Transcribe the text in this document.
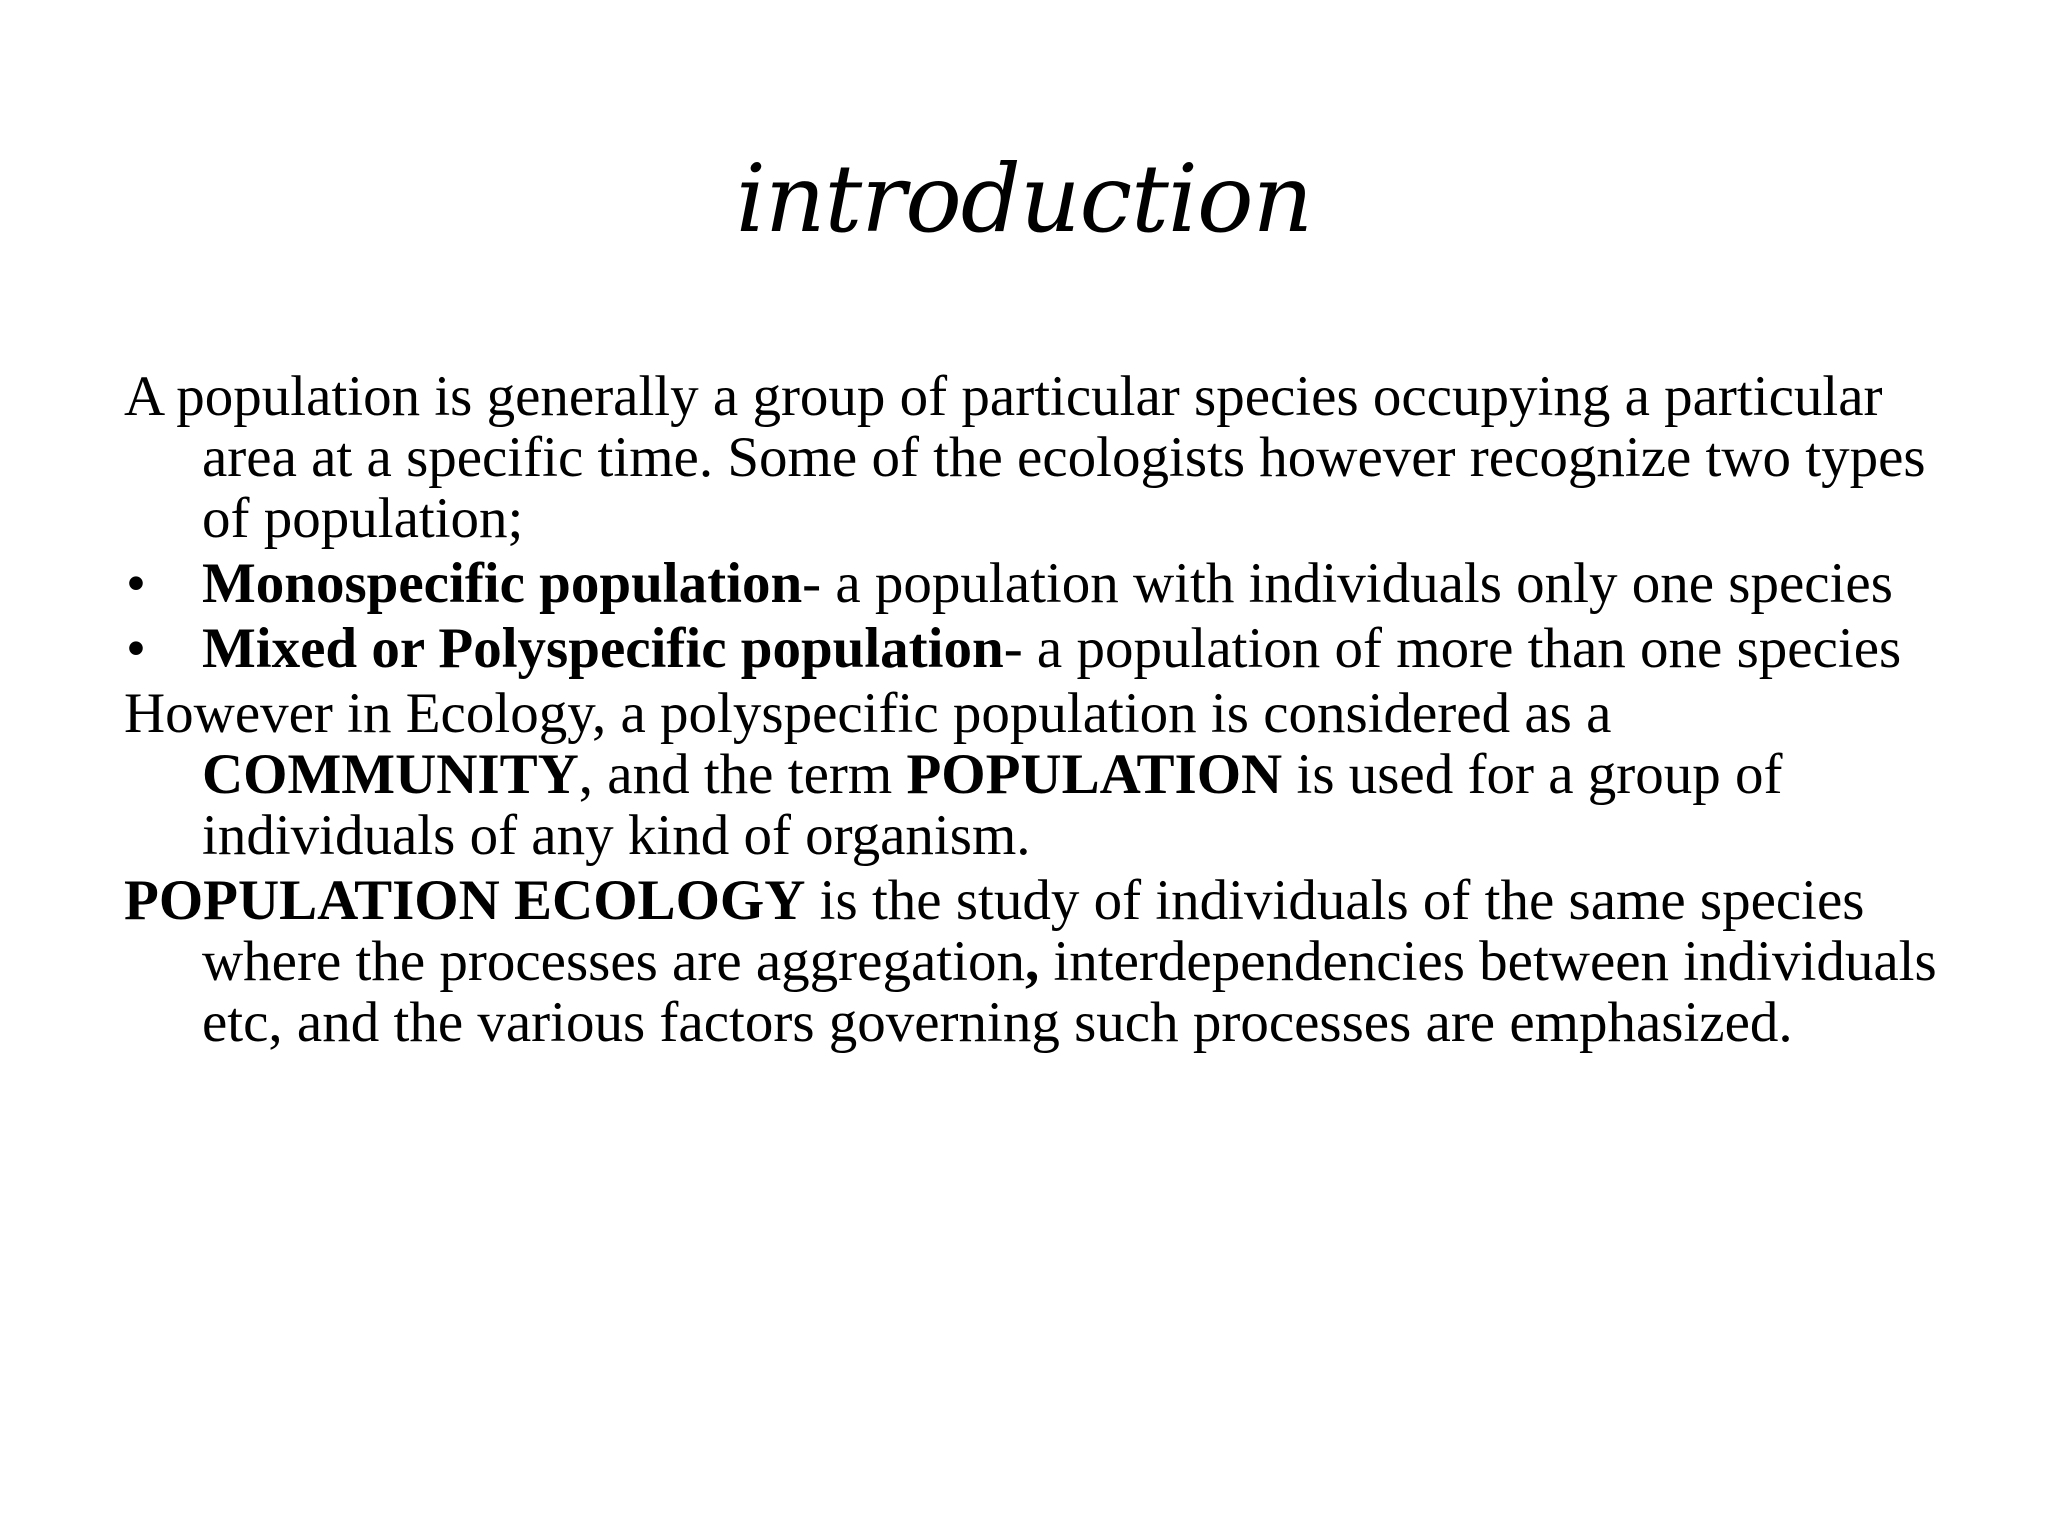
introduction

A population is generally a group of particular species occupying a particular area at a specific time. Some of the ecologists however recognize two types of population;

• Monospecific population- a population with individuals only one species
• Mixed or Polyspecific population- a population of more than one species

However in Ecology, a polyspecific population is considered as a COMMUNITY, and the term POPULATION is used for a group of individuals of any kind of organism.

POPULATION ECOLOGY is the study of individuals of the same species where the processes are aggregation, interdependencies between individuals etc, and the various factors governing such processes are emphasized.
